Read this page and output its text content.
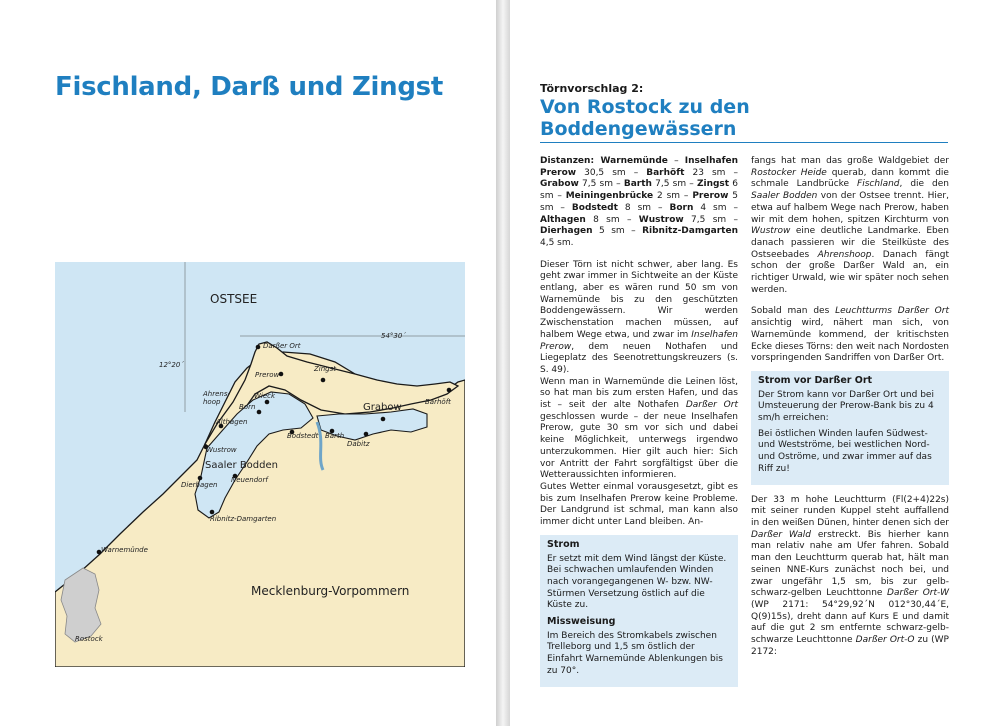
Fischland, Darß und Zingst
OSTSEE
54°30´
12°20´
Darßer Ort
Prerow
Zingst
Barhöft
Grabow
Ahrens-
hoop
Born
Wieck
Althagen
Bodstedt Barth
Dabitz
Wustrow
Saaler Bodden
Dierhagen
Neuendorf
Ribnitz-Damgarten
Warnemünde
Rostock
Mecklenburg-Vorpommern

Törnvorschlag 2:

Von Rostock zu den Boddengewässern

Distanzen: Warnemünde – Inselhafen Prerow 30,5 sm – Barhöft 23 sm – Grabow 7,5 sm – Barth 7,5 sm – Zingst 6 sm – Meiningenbrücke 2 sm – Prerow 5 sm – Bodstedt 8 sm – Born 4 sm – Althagen 8 sm – Wustrow 7,5 sm – Dierhagen 5 sm – Ribnitz-Damgarten 4,5 sm.

Dieser Törn ist nicht schwer, aber lang. Es geht zwar immer in Sichtweite an der Küste entlang, aber es wären rund 50 sm von Warnemünde bis zu den geschützten Boddengewässern. Wir werden Zwischenstation machen müssen, auf halbem Wege etwa, und zwar im Inselhafen Prerow, dem neuen Nothafen und Liegeplatz des Seenotrettungskreuzers (s. S. 49).

Wenn man in Warnemünde die Leinen löst, so hat man bis zum ersten Hafen, und das ist – seit der alte Nothafen Darßer Ort geschlossen wurde – der neue Inselhafen Prerow, gute 30 sm vor sich und dabei keine Möglichkeit, unterwegs irgendwo unterzukommen. Hier gilt auch hier: Sich vor Antritt der Fahrt sorgfältigst über die Wetteraussichten informieren.

Gutes Wetter einmal vorausgesetzt, gibt es bis zum Inselhafen Prerow keine Probleme. Der Landgrund ist schmal, man kann also immer dicht unter Land bleiben. An-

Strom

Er setzt mit dem Wind längst der Küste. Bei schwachen umlaufenden Winden nach vorangegangenen W- bzw. NW-Stürmen Versetzung östlich auf die Küste zu.

Missweisung

Im Bereich des Stromkabels zwischen Trelleborg und 1,5 sm östlich der Einfahrt Warnemünde Ablenkungen bis zu 70°.

fangs hat man das große Waldgebiet der Rostocker Heide querab, dann kommt die schmale Landbrücke Fischland, die den Saaler Bodden von der Ostsee trennt. Hier, etwa auf halbem Wege nach Prerow, haben wir mit dem hohen, spitzen Kirchturm von Wustrow eine deutliche Landmarke. Eben danach passieren wir die Steilküste des Ostseebades Ahrenshoop. Danach fängt schon der große Darßer Wald an, ein richtiger Urwald, wie wir später noch sehen werden.

Sobald man des Leuchtturms Darßer Ort ansichtig wird, nähert man sich, von Warnemünde kommend, der kritischsten Ecke dieses Törns: den weit nach Nordosten vorspringenden Sandriffen von Darßer Ort.

Strom vor Darßer Ort

Der Strom kann vor Darßer Ort und bei Umsteuerung der Prerow-Bank bis zu 4 sm/h erreichen:

Bei östlichen Winden laufen Südwest- und Westströme, bei westlichen Nord- und Oströme, und zwar immer auf das Riff zu!

Der 33 m hohe Leuchtturm (Fl(2+4)22s) mit seiner runden Kuppel steht auffallend in den weißen Dünen, hinter denen sich der Darßer Wald erstreckt. Bis hierher kann man relativ nahe am Ufer fahren. Sobald man den Leuchtturm querab hat, hält man seinen NNE-Kurs zunächst noch bei, und zwar ungefähr 1,5 sm, bis zur gelb-schwarz-gelben Leuchttonne Darßer Ort-W (WP 2171: 54°29,92´N 012°30,44´E, Q(9)15s), dreht dann auf Kurs E und damit auf die gut 2 sm entfernte schwarz-gelb-schwarze Leuchttonne Darßer Ort-O zu (WP 2172:
